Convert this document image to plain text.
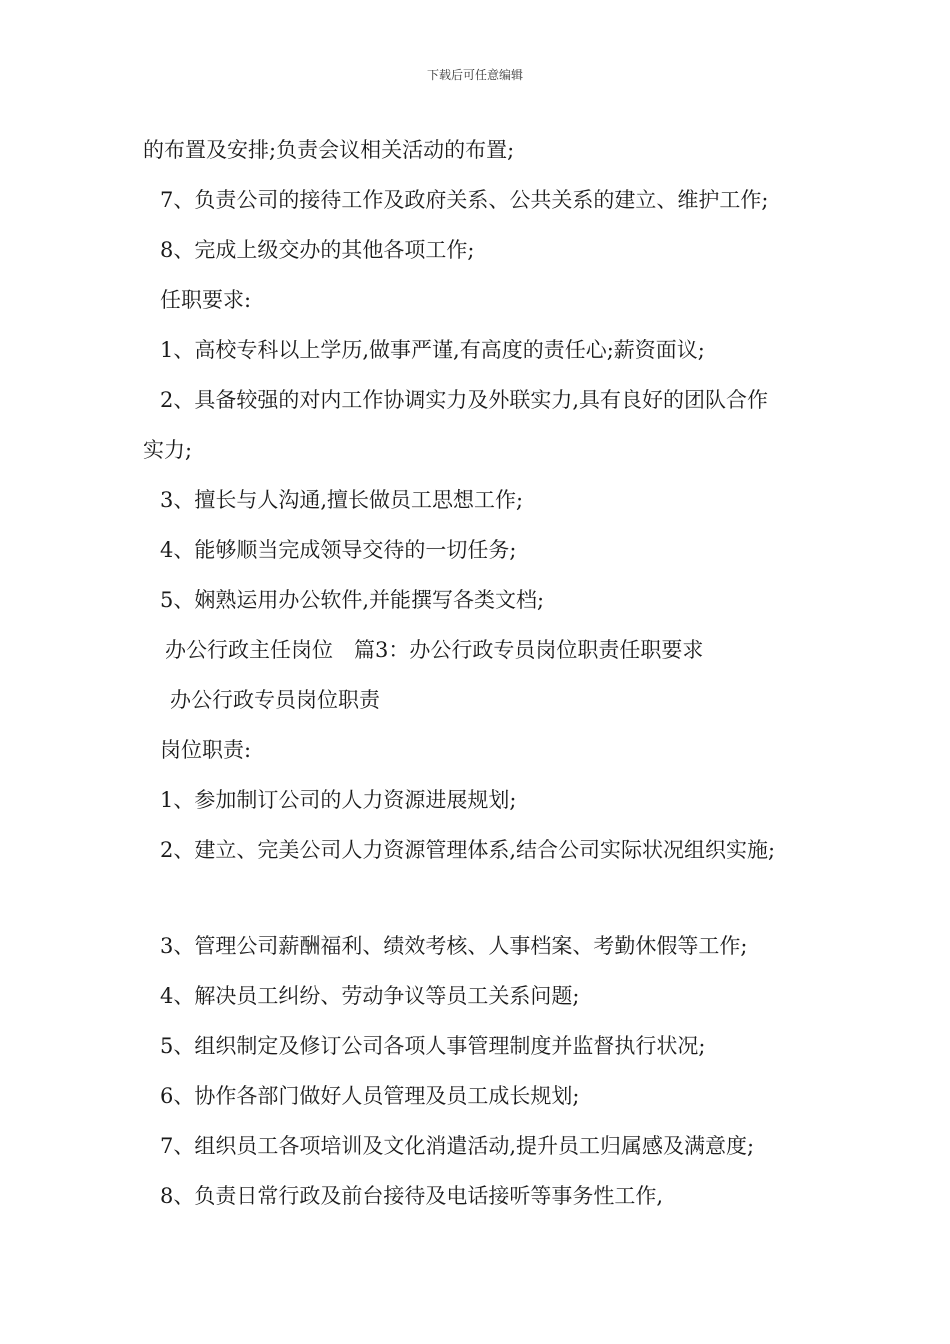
下载后可任意编辑
的布置及安排;负责会议相关活动的布置;
7、负责公司的接待工作及政府关系、公共关系的建立、维护工作;
8、完成上级交办的其他各项工作;
任职要求:
1、高校专科以上学历,做事严谨,有高度的责任心;薪资面议;
2、具备较强的对内工作协调实力及外联实力,具有良好的团队合作
实力;
3、擅长与人沟通,擅长做员工思想工作;
4、能够顺当完成领导交待的一切任务;
5、娴熟运用办公软件,并能撰写各类文档;
办公行政主任岗位　篇3：办公行政专员岗位职责任职要求
办公行政专员岗位职责
岗位职责:
1、参加制订公司的人力资源进展规划;
2、建立、完美公司人力资源管理体系,结合公司实际状况组织实施;
3、管理公司薪酬福利、绩效考核、人事档案、考勤休假等工作;
4、解决员工纠纷、劳动争议等员工关系问题;
5、组织制定及修订公司各项人事管理制度并监督执行状况;
6、协作各部门做好人员管理及员工成长规划;
7、组织员工各项培训及文化消遣活动,提升员工归属感及满意度;
8、负责日常行政及前台接待及电话接听等事务性工作,
